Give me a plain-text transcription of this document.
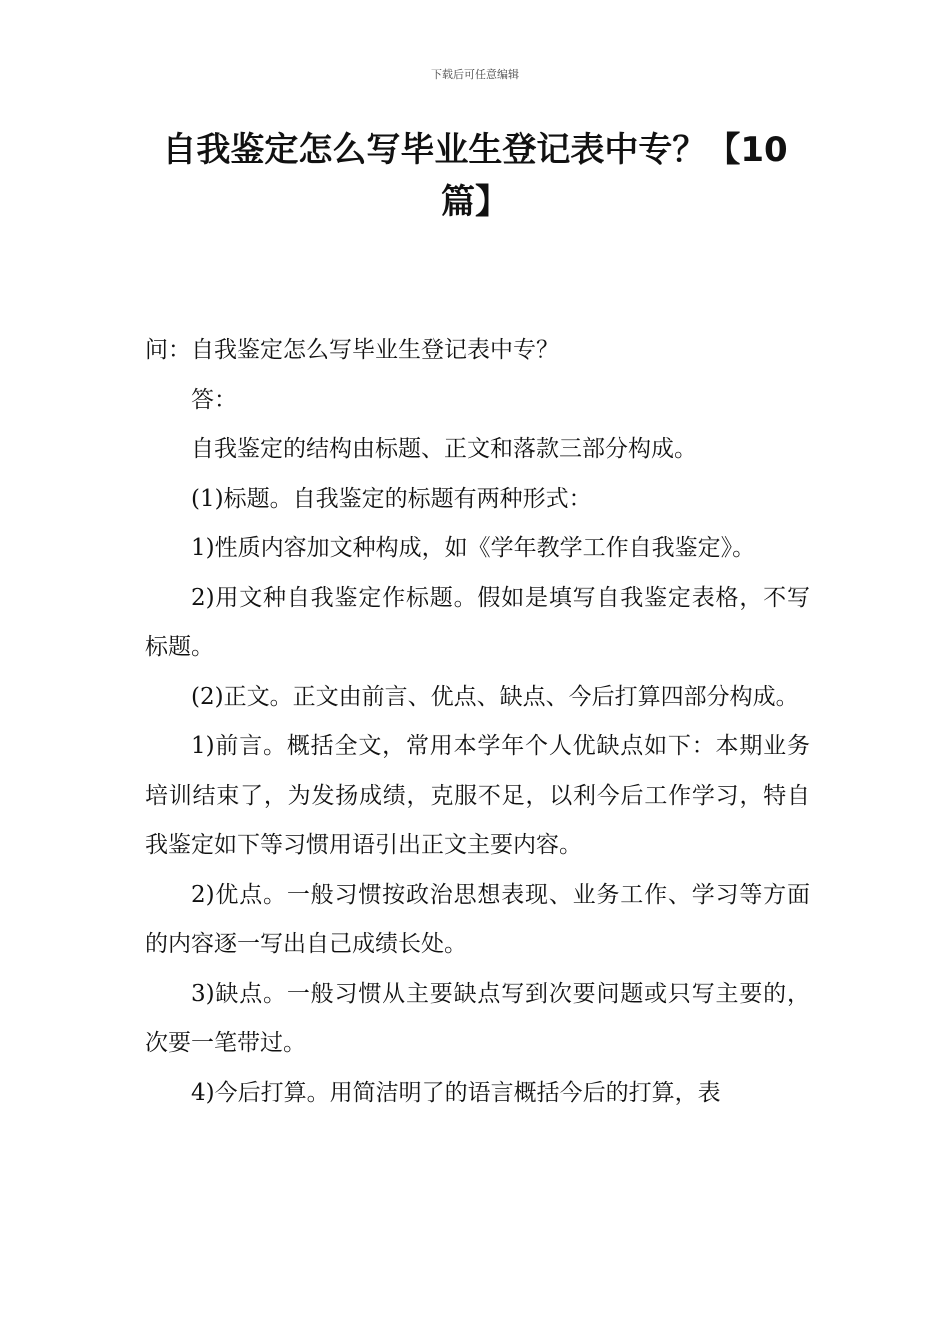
下载后可任意编辑
自我鉴定怎么写毕业生登记表中专？【10篇】

问：自我鉴定怎么写毕业生登记表中专？

答：

自我鉴定的结构由标题、正文和落款三部分构成。

(1)标题。自我鉴定的标题有两种形式：

1)性质内容加文种构成，如《学年教学工作自我鉴定》。

2)用文种自我鉴定作标题。假如是填写自我鉴定表格，不写标题。

(2)正文。正文由前言、优点、缺点、今后打算四部分构成。

1)前言。概括全文，常用本学年个人优缺点如下：本期业务培训结束了，为发扬成绩，克服不足，以利今后工作学习，特自我鉴定如下等习惯用语引出正文主要内容。

2)优点。一般习惯按政治思想表现、业务工作、学习等方面的内容逐一写出自己成绩长处。

3)缺点。一般习惯从主要缺点写到次要问题或只写主要的，次要一笔带过。

4)今后打算。用简洁明了的语言概括今后的打算，表
